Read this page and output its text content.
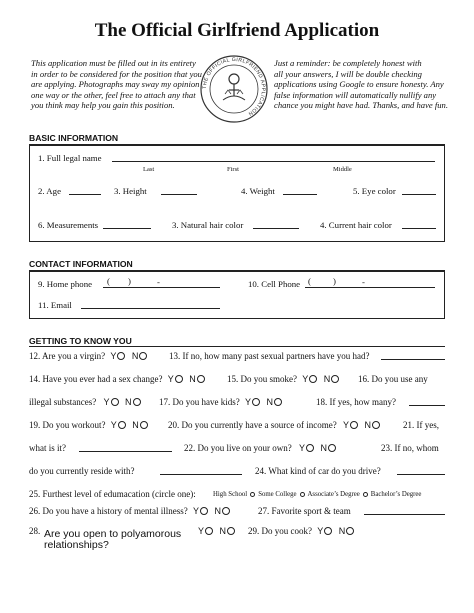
The Official Girlfriend Application
This application must be filled out in its entirety
in order to be considered for the position that you
are applying. Photographs may sway my opinion
one way or the other, feel free to attach any that
you think may help you gain this position.
THE OFFICIAL GIRLFRIEND APPLICATION
Just a reminder: be completely honest with
all your answers, I will be double checking
applications using Google to ensure honesty. Any
false information will automatically nullify any
chance you might have had. Thanks, and have fun.
BASIC INFORMATION
1. Full legal name
Last	First	Middle
2. Age	3. Height	4. Weight	5. Eye color
6. Measurements	3. Natural hair color	4. Current hair color
CONTACT INFORMATION
9. Home phone ( )	-	10. Cell Phone (	)	-
11. Email
GETTING TO KNOW YOU
12. Are you a virgin? Y N	13. If no, how many past sexual partners have you had?
14. Have you ever had a sex change? Y N	15. Do you smoke? Y N	16. Do you use any
illegal substances? Y N	17. Do you have kids? Y N	18. If yes, how many?
19. Do you workout? Y N	20. Do you currently have a source of income? Y N	21. If yes,
what is it?	22. Do you live on your own? Y N	23. If no, whom
do you currently reside with?	24. What kind of car do you drive?
25. Furthest level of edumacation (circle one):	High School Some College Associate’s Degree Bachelor’s Degree
26. Do you have a history of mental illness? Y N	27. Favorite sport & team
28. Are you open to polyamorous
relationships?
Y N	29. Do you cook? Y N
